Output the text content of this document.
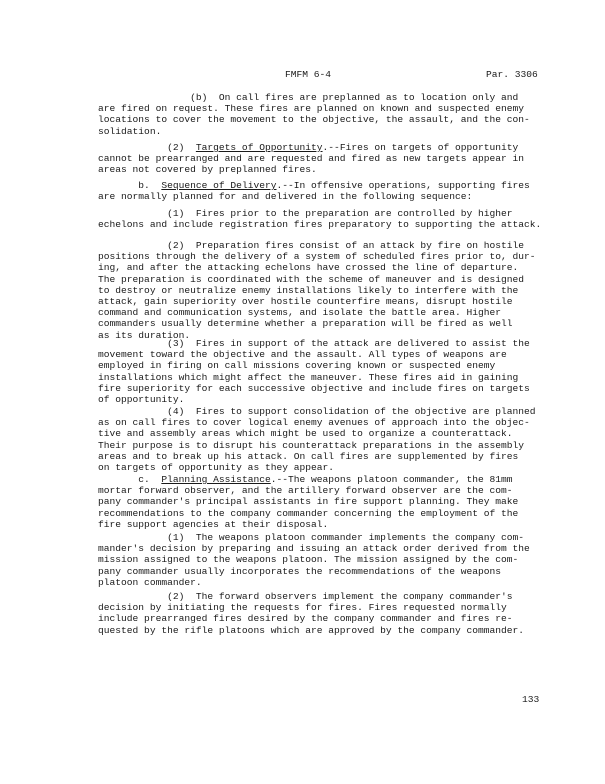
FMFM 6-4	Par. 3306

(b)  On call fires are preplanned as to location only and
are fired on request. These fires are planned on known and suspected enemy
locations to cover the movement to the objective, the assault, and the con-
solidation.

(2)  Targets of Opportunity.--Fires on targets of opportunity
cannot be prearranged and are requested and fired as new targets appear in
areas not covered by preplanned fires.

b.  Sequence of Delivery.--In offensive operations, supporting fires
are normally planned for and delivered in the following sequence:

(1)  Fires prior to the preparation are controlled by higher
echelons and include registration fires preparatory to supporting the attack.

(2)  Preparation fires consist of an attack by fire on hostile
positions through the delivery of a system of scheduled fires prior to, dur-
ing, and after the attacking echelons have crossed the line of departure.
The preparation is coordinated with the scheme of maneuver and is designed
to destroy or neutralize enemy installations likely to interfere with the
attack, gain superiority over hostile counterfire means, disrupt hostile
command and communication systems, and isolate the battle area. Higher
commanders usually determine whether a preparation will be fired as well
as its duration.

(3)  Fires in support of the attack are delivered to assist the
movement toward the objective and the assault. All types of weapons are
employed in firing on call missions covering known or suspected enemy
installations which might affect the maneuver. These fires aid in gaining
fire superiority for each successive objective and include fires on targets
of opportunity.

(4)  Fires to support consolidation of the objective are planned
as on call fires to cover logical enemy avenues of approach into the objec-
tive and assembly areas which might be used to organize a counterattack.
Their purpose is to disrupt his counterattack preparations in the assembly
areas and to break up his attack. On call fires are supplemented by fires
on targets of opportunity as they appear.

c.  Planning Assistance.--The weapons platoon commander, the 81mm
mortar forward observer, and the artillery forward observer are the com-
pany commander's principal assistants in fire support planning. They make
recommendations to the company commander concerning the employment of the
fire support agencies at their disposal.

(1)  The weapons platoon commander implements the company com-
mander's decision by preparing and issuing an attack order derived from the
mission assigned to the weapons platoon. The mission assigned by the com-
pany commander usually incorporates the recommendations of the weapons
platoon commander.

(2)  The forward observers implement the company commander's
decision by initiating the requests for fires. Fires requested normally
include prearranged fires desired by the company commander and fires re-
quested by the rifle platoons which are approved by the company commander.

133
